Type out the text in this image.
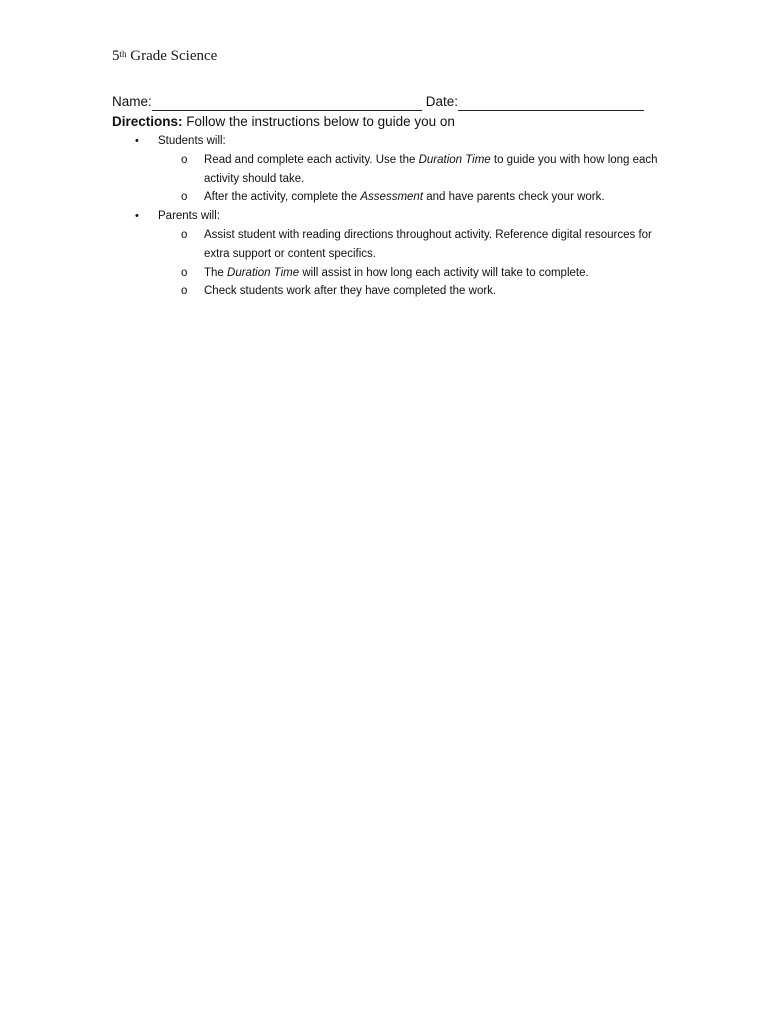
5th Grade Science
Name:	Date:
Directions: Follow the instructions below to guide you on
• Students will:
o Read and complete each activity. Use the Duration Time to guide you with how long each activity should take.
o After the activity, complete the Assessment and have parents check your work.
• Parents will:
o Assist student with reading directions throughout activity. Reference digital resources for extra support or content specifics.
o The Duration Time will assist in how long each activity will take to complete.
o Check students work after they have completed the work.
